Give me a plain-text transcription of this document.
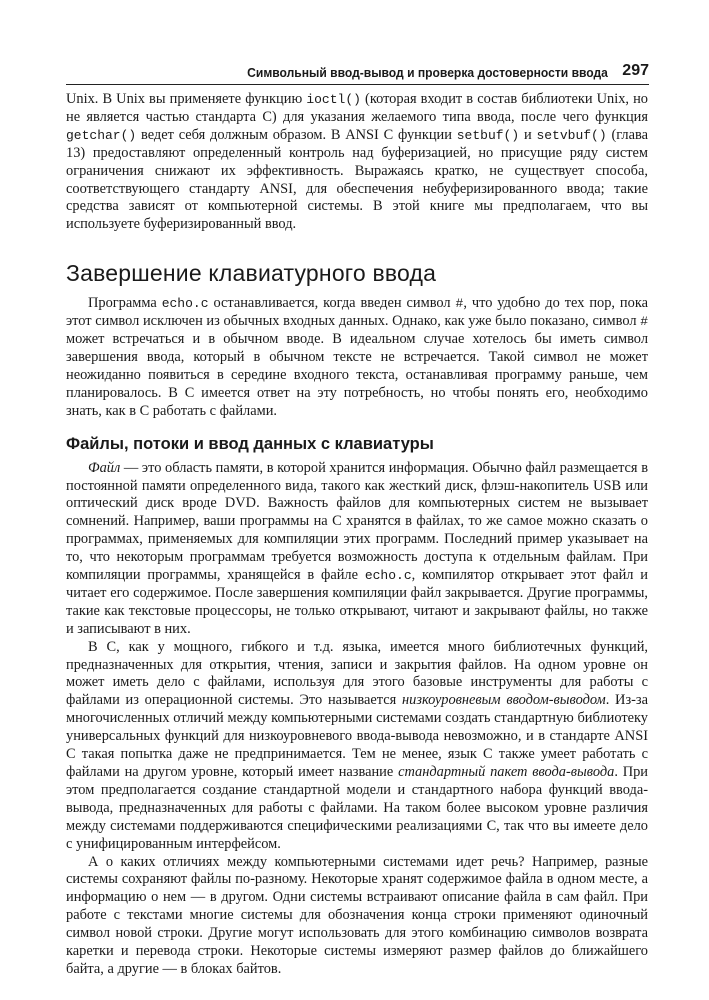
Символьный ввод-вывод и проверка достоверности ввода 297

Unix. В Unix вы применяете функцию ioctl() (которая входит в состав библиотеки Unix, но не является частью стандарта С) для указания желаемого типа ввода, после чего функция getchar() ведет себя должным образом. В ANSI С функции setbuf() и setvbuf() (глава 13) предоставляют определенный контроль над буферизацией, но присущие ряду систем ограничения снижают их эффективность. Выражаясь кратко, не существует способа, соответствующего стандарту ANSI, для обеспечения небуферизированного ввода; такие средства зависят от компьютерной системы. В этой книге мы предполагаем, что вы используете буферизированный ввод.

Завершение клавиатурного ввода

Программа echo.c останавливается, когда введен символ #, что удобно до тех пор, пока этот символ исключен из обычных входных данных. Однако, как уже было показано, символ # может встречаться и в обычном вводе. В идеальном случае хотелось бы иметь символ завершения ввода, который в обычном тексте не встречается. Такой символ не может неожиданно появиться в середине входного текста, останавливая программу раньше, чем планировалось. В С имеется ответ на эту потребность, но чтобы понять его, необходимо знать, как в С работать с файлами.

Файлы, потоки и ввод данных с клавиатуры

Файл — это область памяти, в которой хранится информация. Обычно файл размещается в постоянной памяти определенного вида, такого как жесткий диск, флэш-накопитель USB или оптический диск вроде DVD. Важность файлов для компьютерных систем не вызывает сомнений. Например, ваши программы на С хранятся в файлах, то же самое можно сказать о программах, применяемых для компиляции этих программ. Последний пример указывает на то, что некоторым программам требуется возможность доступа к отдельным файлам. При компиляции программы, хранящейся в файле echo.c, компилятор открывает этот файл и читает его содержимое. После завершения компиляции файл закрывается. Другие программы, такие как текстовые процессоры, не только открывают, читают и закрывают файлы, но также и записывают в них.

В С, как у мощного, гибкого и т.д. языка, имеется много библиотечных функций, предназначенных для открытия, чтения, записи и закрытия файлов. На одном уровне он может иметь дело с файлами, используя для этого базовые инструменты для работы с файлами из операционной системы. Это называется низкоуровневым вводом-выводом. Из-за многочисленных отличий между компьютерными системами создать стандартную библиотеку универсальных функций для низкоуровневого ввода-вывода невозможно, и в стандарте ANSI С такая попытка даже не предпринимается. Тем не менее, язык С также умеет работать с файлами на другом уровне, который имеет название стандартный пакет ввода-вывода. При этом предполагается создание стандартной модели и стандартного набора функций ввода-вывода, предназначенных для работы с файлами. На таком более высоком уровне различия между системами поддерживаются специфическими реализациями С, так что вы имеете дело с унифицированным интерфейсом.

А о каких отличиях между компьютерными системами идет речь? Например, разные системы сохраняют файлы по-разному. Некоторые хранят содержимое файла в одном месте, а информацию о нем — в другом. Одни системы встраивают описание файла в сам файл. При работе с текстами многие системы для обозначения конца строки применяют одиночный символ новой строки. Другие могут использовать для этого комбинацию символов возврата каретки и перевода строки. Некоторые системы измеряют размер файлов до ближайшего байта, а другие — в блоках байтов.
